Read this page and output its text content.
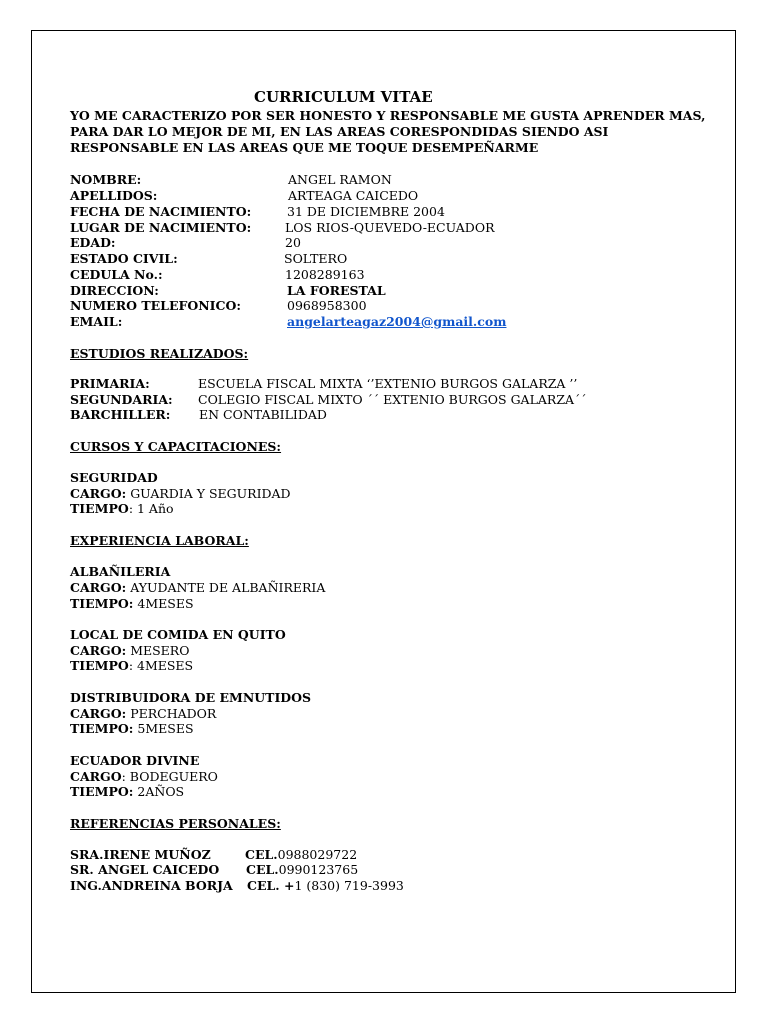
CURRICULUM VITAE
YO ME CARACTERIZO POR SER HONESTO Y RESPONSABLE ME GUSTA APRENDER MAS, PARA DAR LO MEJOR DE MI, EN LAS AREAS CORESPONDIDAS SIENDO ASI RESPONSABLE EN LAS AREAS QUE ME TOQUE DESEMPEÑARME
NOMBRE:	ANGEL RAMON
APELLIDOS:	ARTEAGA CAICEDO
FECHA DE NACIMIENTO:	31 DE DICIEMBRE 2004
LUGAR DE NACIMIENTO:	LOS RIOS-QUEVEDO-ECUADOR
EDAD:	20
ESTADO CIVIL:	SOLTERO
CEDULA No.:	1208289163
DIRECCION:	LA FORESTAL
NUMERO TELEFONICO:	0968958300
EMAIL:	angelarteagaz2004@gmail.com
ESTUDIOS REALIZADOS:
PRIMARIA:	ESCUELA FISCAL MIXTA ‘’EXTENIO BURGOS GALARZA ’’
SEGUNDARIA: COLEGIO FISCAL MIXTO ´´ EXTENIO BURGOS GALARZA´´
BARCHILLER: EN CONTABILIDAD
CURSOS Y CAPACITACIONES:
SEGURIDAD
CARGO: GUARDIA Y SEGURIDAD
TIEMPO: 1 Año
EXPERIENCIA LABORAL:
ALBAÑILERIA
CARGO: AYUDANTE DE ALBAÑIRERIA
TIEMPO: 4MESES
LOCAL DE COMIDA EN QUITO
CARGO: MESERO
TIEMPO: 4MESES
DISTRIBUIDORA DE EMNUTIDOS
CARGO: PERCHADOR
TIEMPO: 5MESES
ECUADOR DIVINE
CARGO: BODEGUERO
TIEMPO: 2AÑOS
REFERENCIAS PERSONALES:
SRA.IRENE MUÑOZ	CEL.0988029722
SR. ANGEL CAICEDO CEL.0990123765
ING.ANDREINA BORJA CEL. +1 (830) 719-3993
